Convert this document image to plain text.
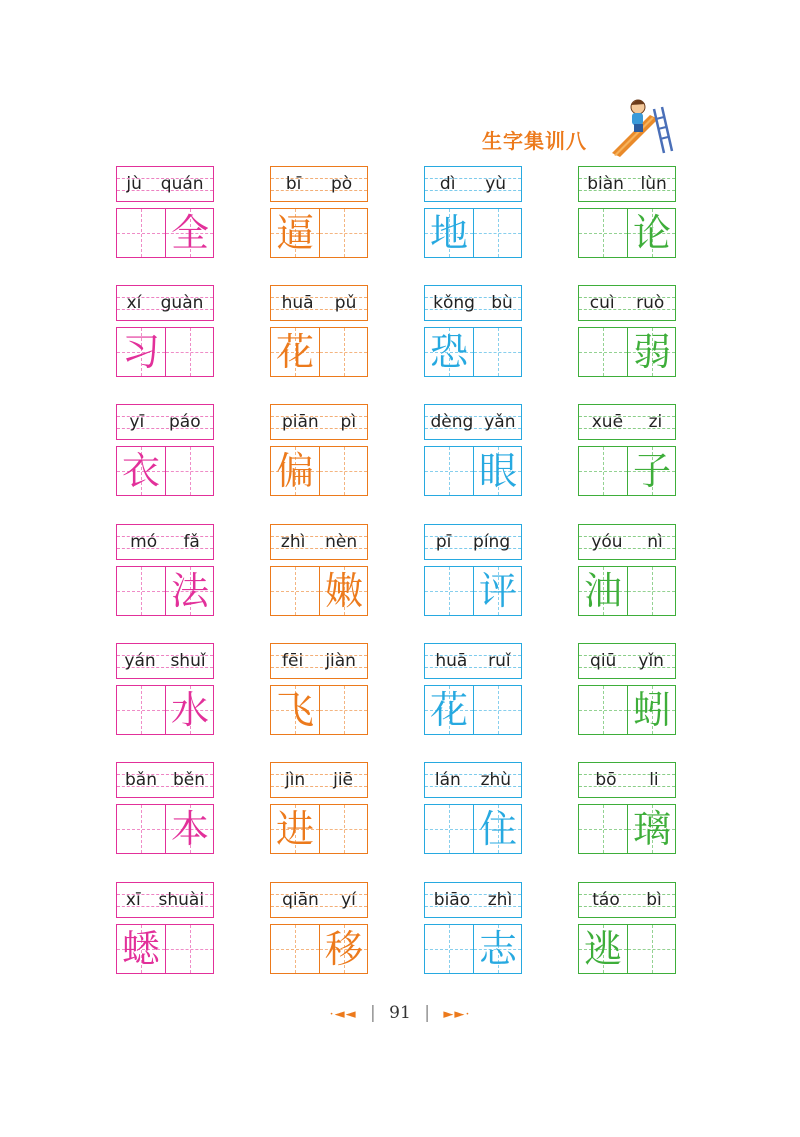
生字集训八
jù quán
全
bī pò
逼
dì yù
地
biàn lùn
论
xí guàn
习
huā pǔ
花
kǒng bù
恐
cuì ruò
弱
yī páo
衣
piān pì
偏
dèng yǎn
眼
xuē zi
子
mó fǎ
法
zhì nèn
嫩
pī píng
评
yóu nì
油
yán shuǐ
水
fēi jiàn
飞
huā ruǐ
花
qiū yǐn
蚓
bǎn běn
本
jìn jiē
进
lán zhù
住
bō li
璃
xī shuài
蟋
qiān yí
移
biāo zhì
志
táo bì
逃
·◄◄ | 91 | ►►·
